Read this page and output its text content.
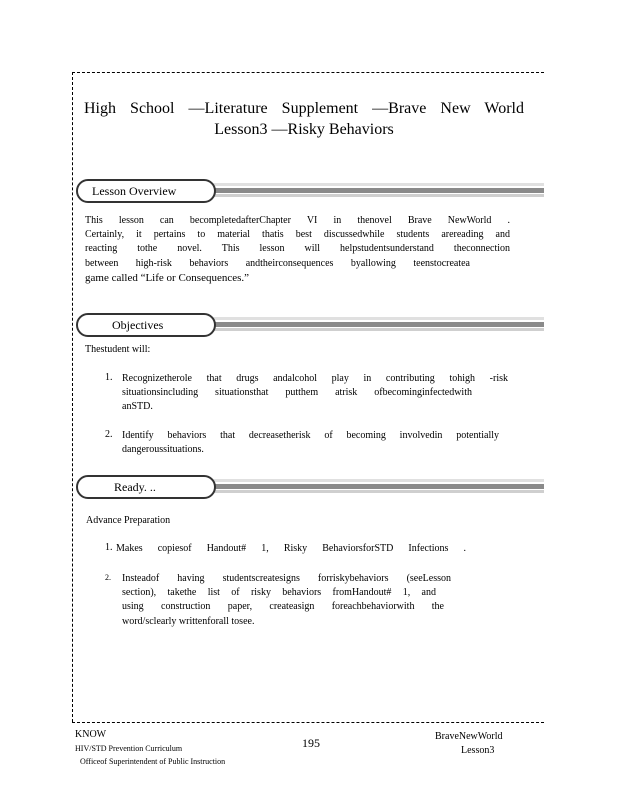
High School —Literature Supplement —Brave New World
Lesson3 —Risky Behaviors
Lesson Overview
This lesson can becompletedafterChapter VI in thenovel Brave NewWorld .
Certainly, it pertains to material thatis best discussedwhile students arereading and
reacting tothe novel. This lesson will helpstudentsunderstand theconnection
between high-risk behaviors andtheirconsequences byallowing teenstocreatea
game called “Life or Consequences.”
Objectives
Thestudent will:
1. Recognizetherole that drugs andalcohol play in contributing tohigh -risk
situationsincluding situationsthat putthem atrisk ofbecominginfectedwith
anSTD.
2. Identify behaviors that decreasetherisk of becoming involvedin potentially
dangeroussituations.
Ready. ..
Advance Preparation
1. Makes copiesof Handout# 1, Risky BehaviorsforSTD Infections .
2. Insteadof having studentscreatesigns forriskybehaviors (seeLesson
section), takethe list of risky behaviors fromHandout# 1, and
using construction paper, createasign foreachbehaviorwith the
word/sclearly writtenforall tosee.
KNOW
HIV/STD Prevention Curriculum
Officeof Superintendent of Public Instruction
195	BraveNewWorld
Lesson3
